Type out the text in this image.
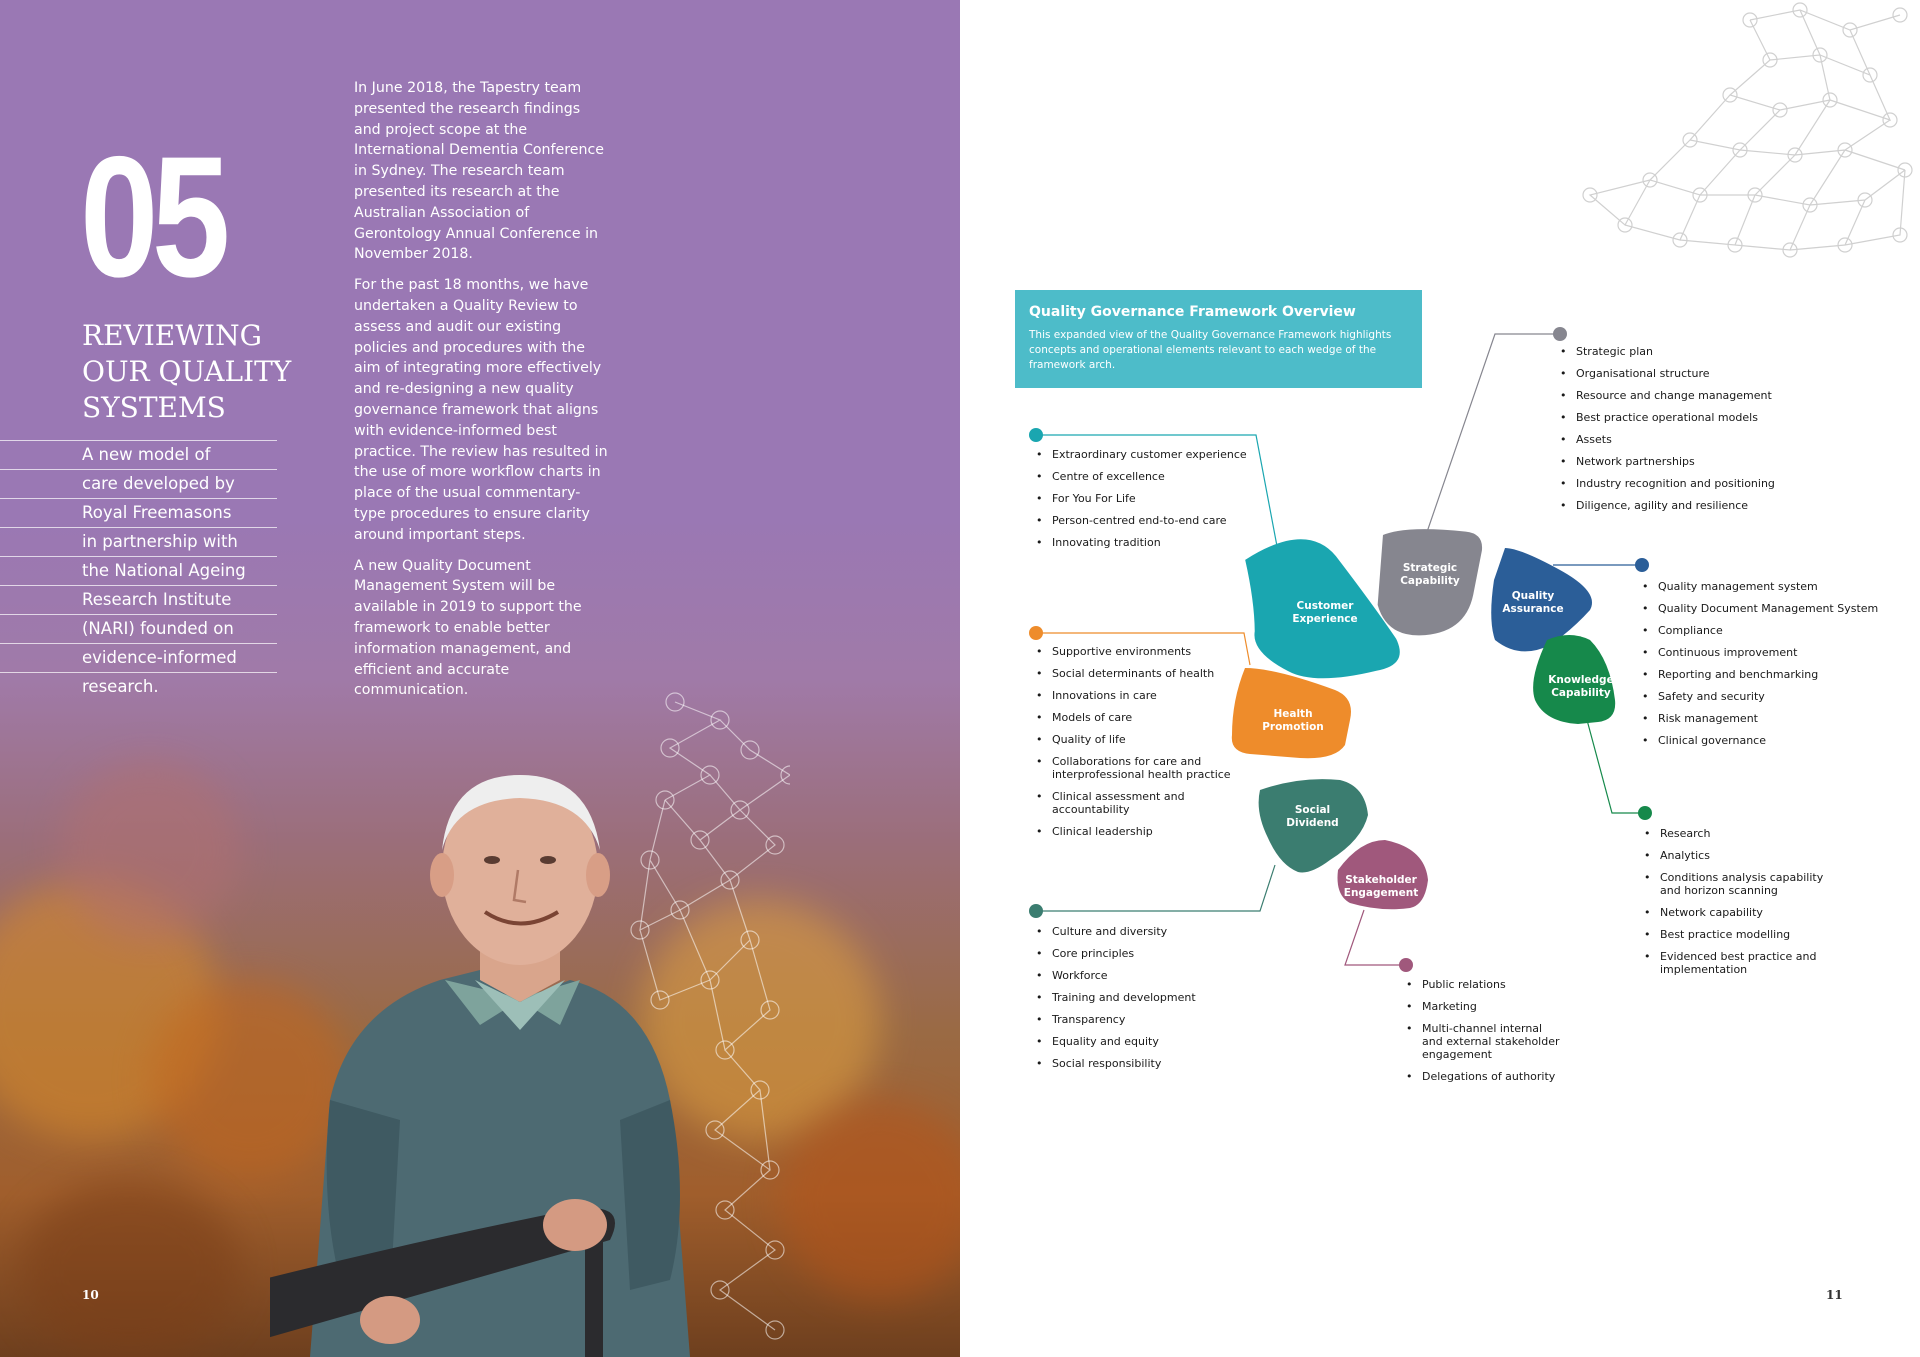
05
REVIEWING
OUR QUALITY
SYSTEMS
A new model of
care developed by
Royal Freemasons
in partnership with
the National Ageing
Research Institute
(NARI) founded on
evidence-informed
research.

In June 2018, the Tapestry team presented the research findings and project scope at the International Dementia Conference in Sydney. The research team presented its research at the Australian Association of Gerontology Annual Conference in November 2018.

For the past 18 months, we have undertaken a Quality Review to assess and audit our existing policies and procedures with the aim of integrating more effectively and re-designing a new quality governance framework that aligns with evidence-informed best practice. The review has resulted in the use of more workflow charts in place of the usual commentary-type procedures to ensure clarity around important steps.

A new Quality Document Management System will be available in 2019 to support the framework to enable better information management, and efficient and accurate communication.

10
Quality Governance Framework Overview
This expanded view of the Quality Governance Framework highlights concepts and operational elements relevant to each wedge of the framework arch.
Customer
Experience
Strategic
Capability
Quality
Assurance
Health
Promotion
Knowledge
Capability
Social
Dividend
Stakeholder
Engagement
• Extraordinary customer experience
• Centre of excellence
• For You For Life
• Person-centred end-to-end care
• Innovating tradition
• Strategic plan
• Organisational structure
• Resource and change management
• Best practice operational models
• Assets
• Network partnerships
• Industry recognition and positioning
• Diligence, agility and resilience
• Quality management system
• Quality Document Management System
• Compliance
• Continuous improvement
• Reporting and benchmarking
• Safety and security
• Risk management
• Clinical governance
• Supportive environments
• Social determinants of health
• Innovations in care
• Models of care
• Quality of life
• Collaborations for care and interprofessional health practice
• Clinical assessment and accountability
• Clinical leadership
•	Research
• Analytics
• Conditions analysis capability and horizon scanning
• Network capability
• Best practice modelling
• Evidenced best practice and implementation
• Culture and diversity
• Core principles
• Workforce
• Training and development
• Transparency
• Equality and equity
• Social responsibility
• Public relations
• Marketing
• Multi-channel internal and external stakeholder engagement
• Delegations of authority
11
